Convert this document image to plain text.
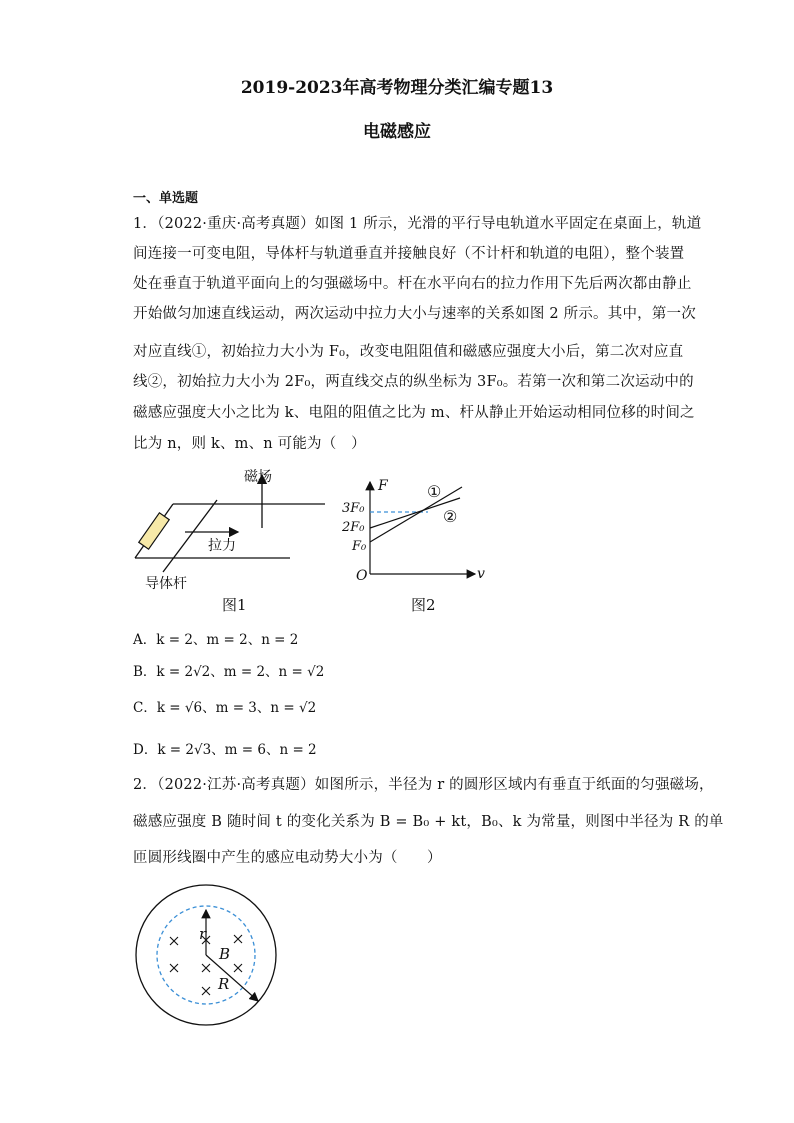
2019-2023年高考物理分类汇编专题13
电磁感应
一、单选题
1．（2022·重庆·高考真题）如图 1 所示，光滑的平行导电轨道水平固定在桌面上，轨道
间连接一可变电阻，导体杆与轨道垂直并接触良好（不计杆和轨道的电阻），整个装置
处在垂直于轨道平面向上的匀强磁场中。杆在水平向右的拉力作用下先后两次都由静止
开始做匀加速直线运动，两次运动中拉力大小与速率的关系如图 2 所示。其中，第一次
对应直线①，初始拉力大小为 F₀，改变电阻阻值和磁感应强度大小后，第二次对应直
线②，初始拉力大小为 2F₀，两直线交点的纵坐标为 3F₀。若第一次和第二次运动中的
磁感应强度大小之比为 k、电阻的阻值之比为 m、杆从静止开始运动相同位移的时间之
比为 n，则 k、m、n 可能为（　）
磁场
拉力
导体杆
图1
F
v
O
3F₀
2F₀
F₀
①
②
图2
A．k = 2、m = 2、n = 2
B．k = 2√2、m = 2、n = √2
C．k = √6、m = 3、n = √2
D．k = 2√3、m = 6、n = 2
2．（2022·江苏·高考真题）如图所示，半径为 r 的圆形区域内有垂直于纸面的匀强磁场，
磁感应强度 B 随时间 t 的变化关系为 B = B₀ + kt，B₀、k 为常量，则图中半径为 R 的单
匝圆形线圈中产生的感应电动势大小为（　　）
r
B
R
